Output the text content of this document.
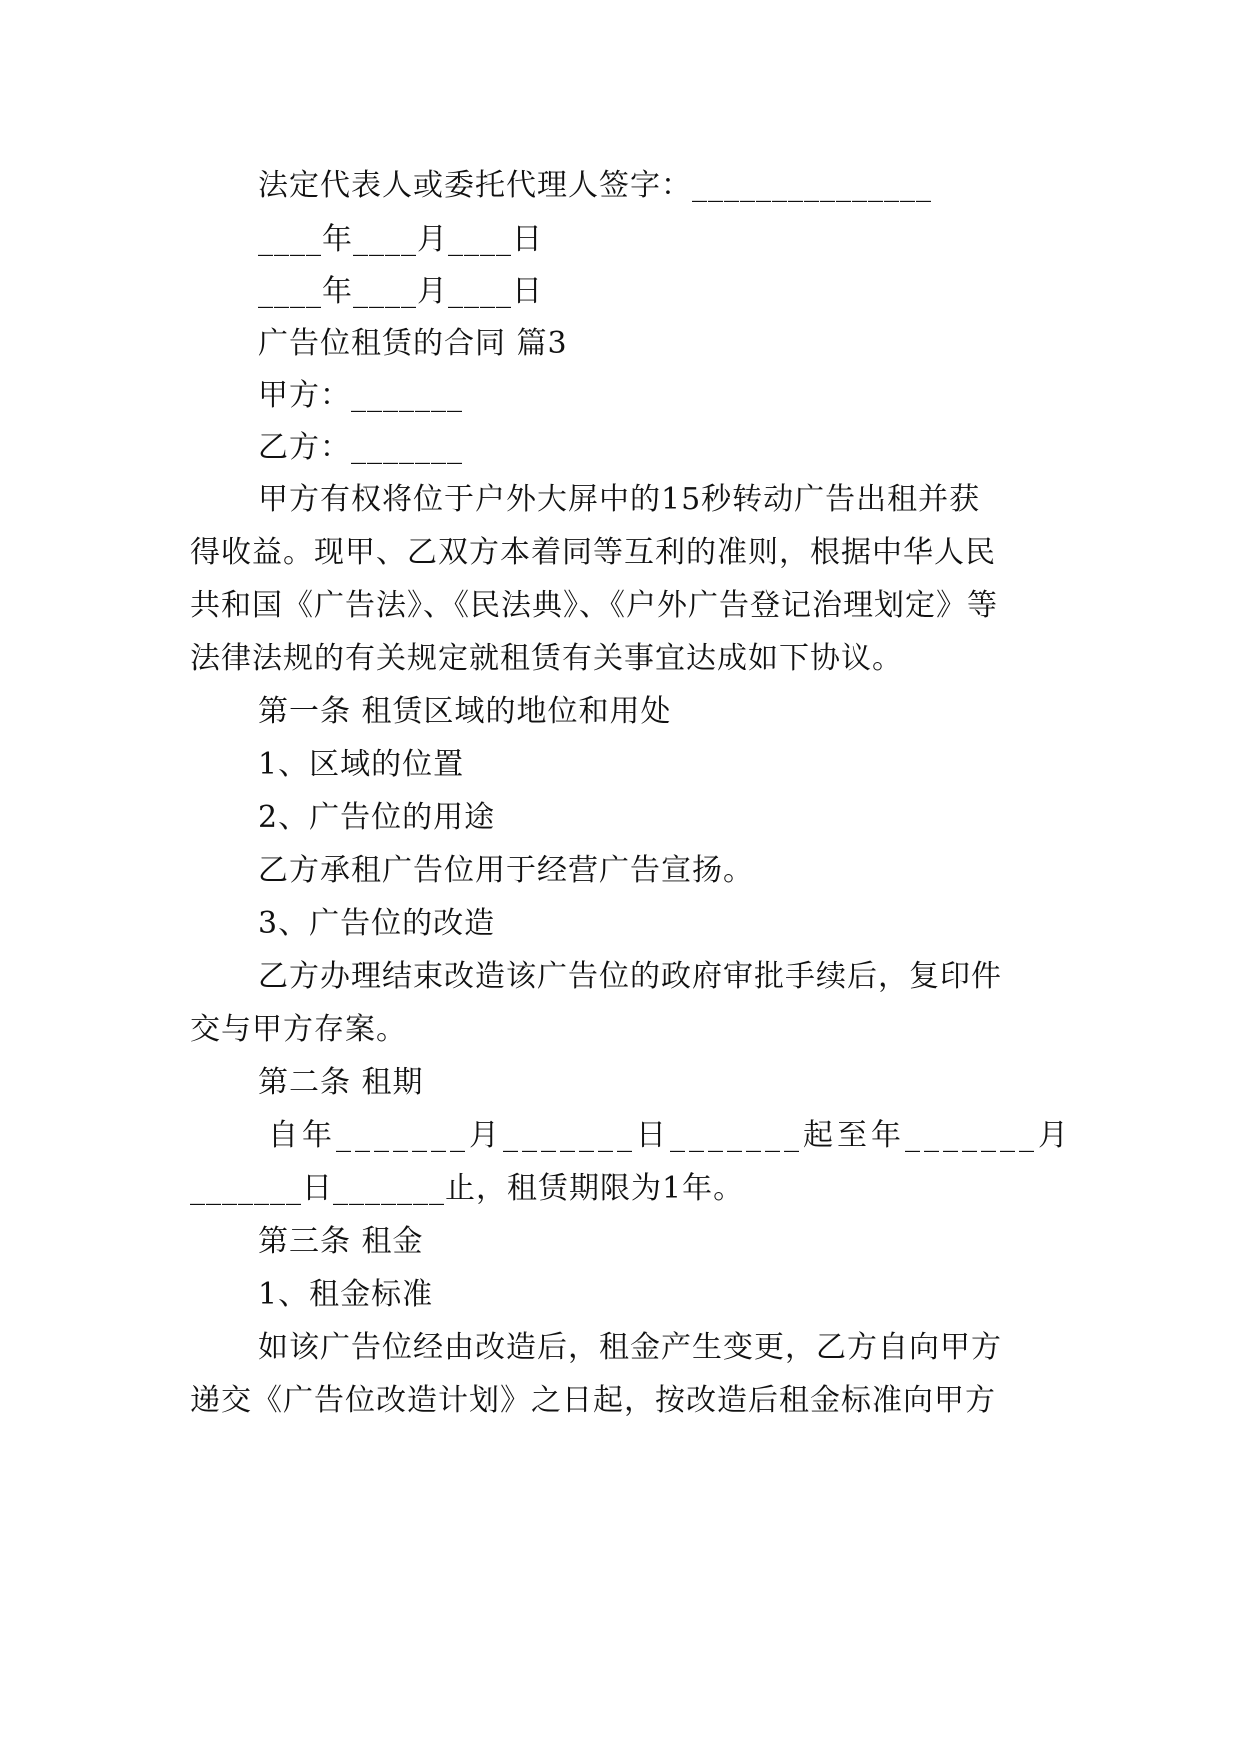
法定代表人或委托代理人签字：_______________
____年____月____日
____年____月____日
广告位租赁的合同 篇3
甲方：_______
乙方：_______
甲方有权将位于户外大屏中的15秒转动广告出租并获
得收益。现甲、乙双方本着同等互利的准则，根据中华人民
共和国《广告法》、《民法典》、《户外广告登记治理划定》等
法律法规的有关规定就租赁有关事宜达成如下协议。
第一条 租赁区域的地位和用处
1、区域的位置
2、广告位的用途
乙方承租广告位用于经营广告宣扬。
3、广告位的改造
乙方办理结束改造该广告位的政府审批手续后，复印件
交与甲方存案。
第二条 租期
自年_______月_______日_______起至年_______月
_______日_______止，租赁期限为1年。
第三条 租金
1、租金标准
如该广告位经由改造后，租金产生变更，乙方自向甲方
递交《广告位改造计划》之日起，按改造后租金标准向甲方
